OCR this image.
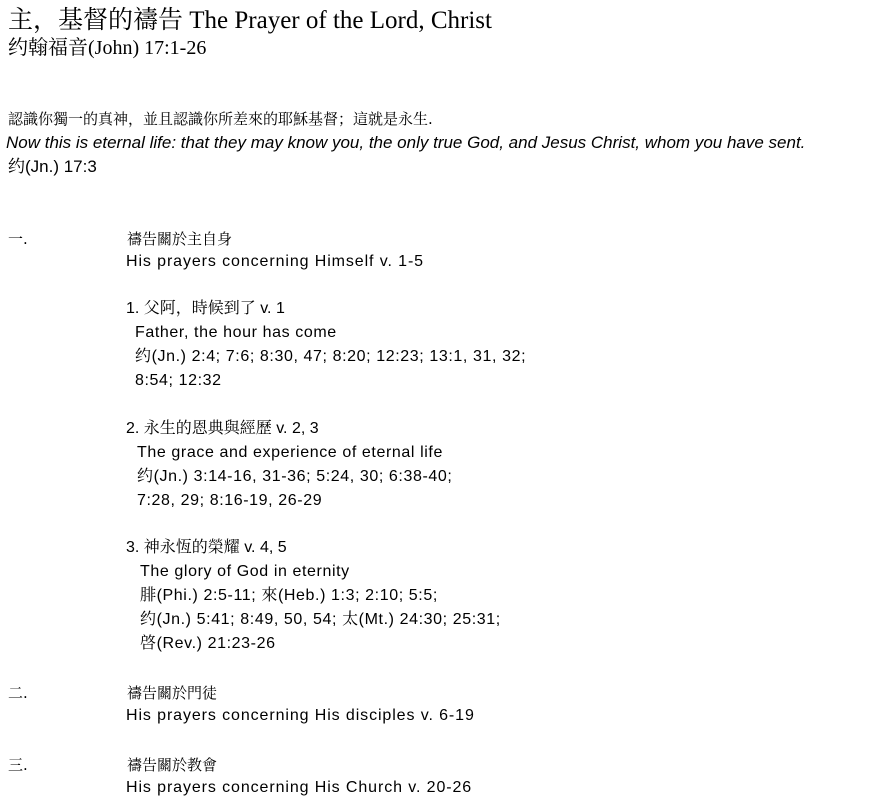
主，基督的禱告 The Prayer of the Lord, Christ
约翰福音(John) 17:1-26
認識你獨一的真神，並且認識你所差來的耶穌基督；這就是永生.
Now this is eternal life: that they may know you, the only true God, and Jesus Christ, whom you have sent.
约(Jn.) 17:3
一.	禱告關於主自身
His prayers concerning Himself v. 1-5
1. 父阿，時候到了 v. 1
Father, the hour has come
约(Jn.) 2:4; 7:6; 8:30, 47; 8:20; 12:23; 13:1, 31, 32;
8:54; 12:32
2. 永生的恩典與經歷 v. 2, 3
The grace and experience of eternal life
约(Jn.) 3:14-16, 31-36; 5:24, 30; 6:38-40;
7:28, 29; 8:16-19, 26-29
3. 神永恆的榮耀 v. 4, 5
The glory of God in eternity
腓(Phi.) 2:5-11; 來(Heb.) 1:3; 2:10; 5:5;
约(Jn.) 5:41; 8:49, 50, 54; 太(Mt.) 24:30; 25:31;
啓(Rev.) 21:23-26
二.	禱告關於門徒
His prayers concerning His disciples v. 6-19
三.	禱告關於教會
His prayers concerning His Church v. 20-26
